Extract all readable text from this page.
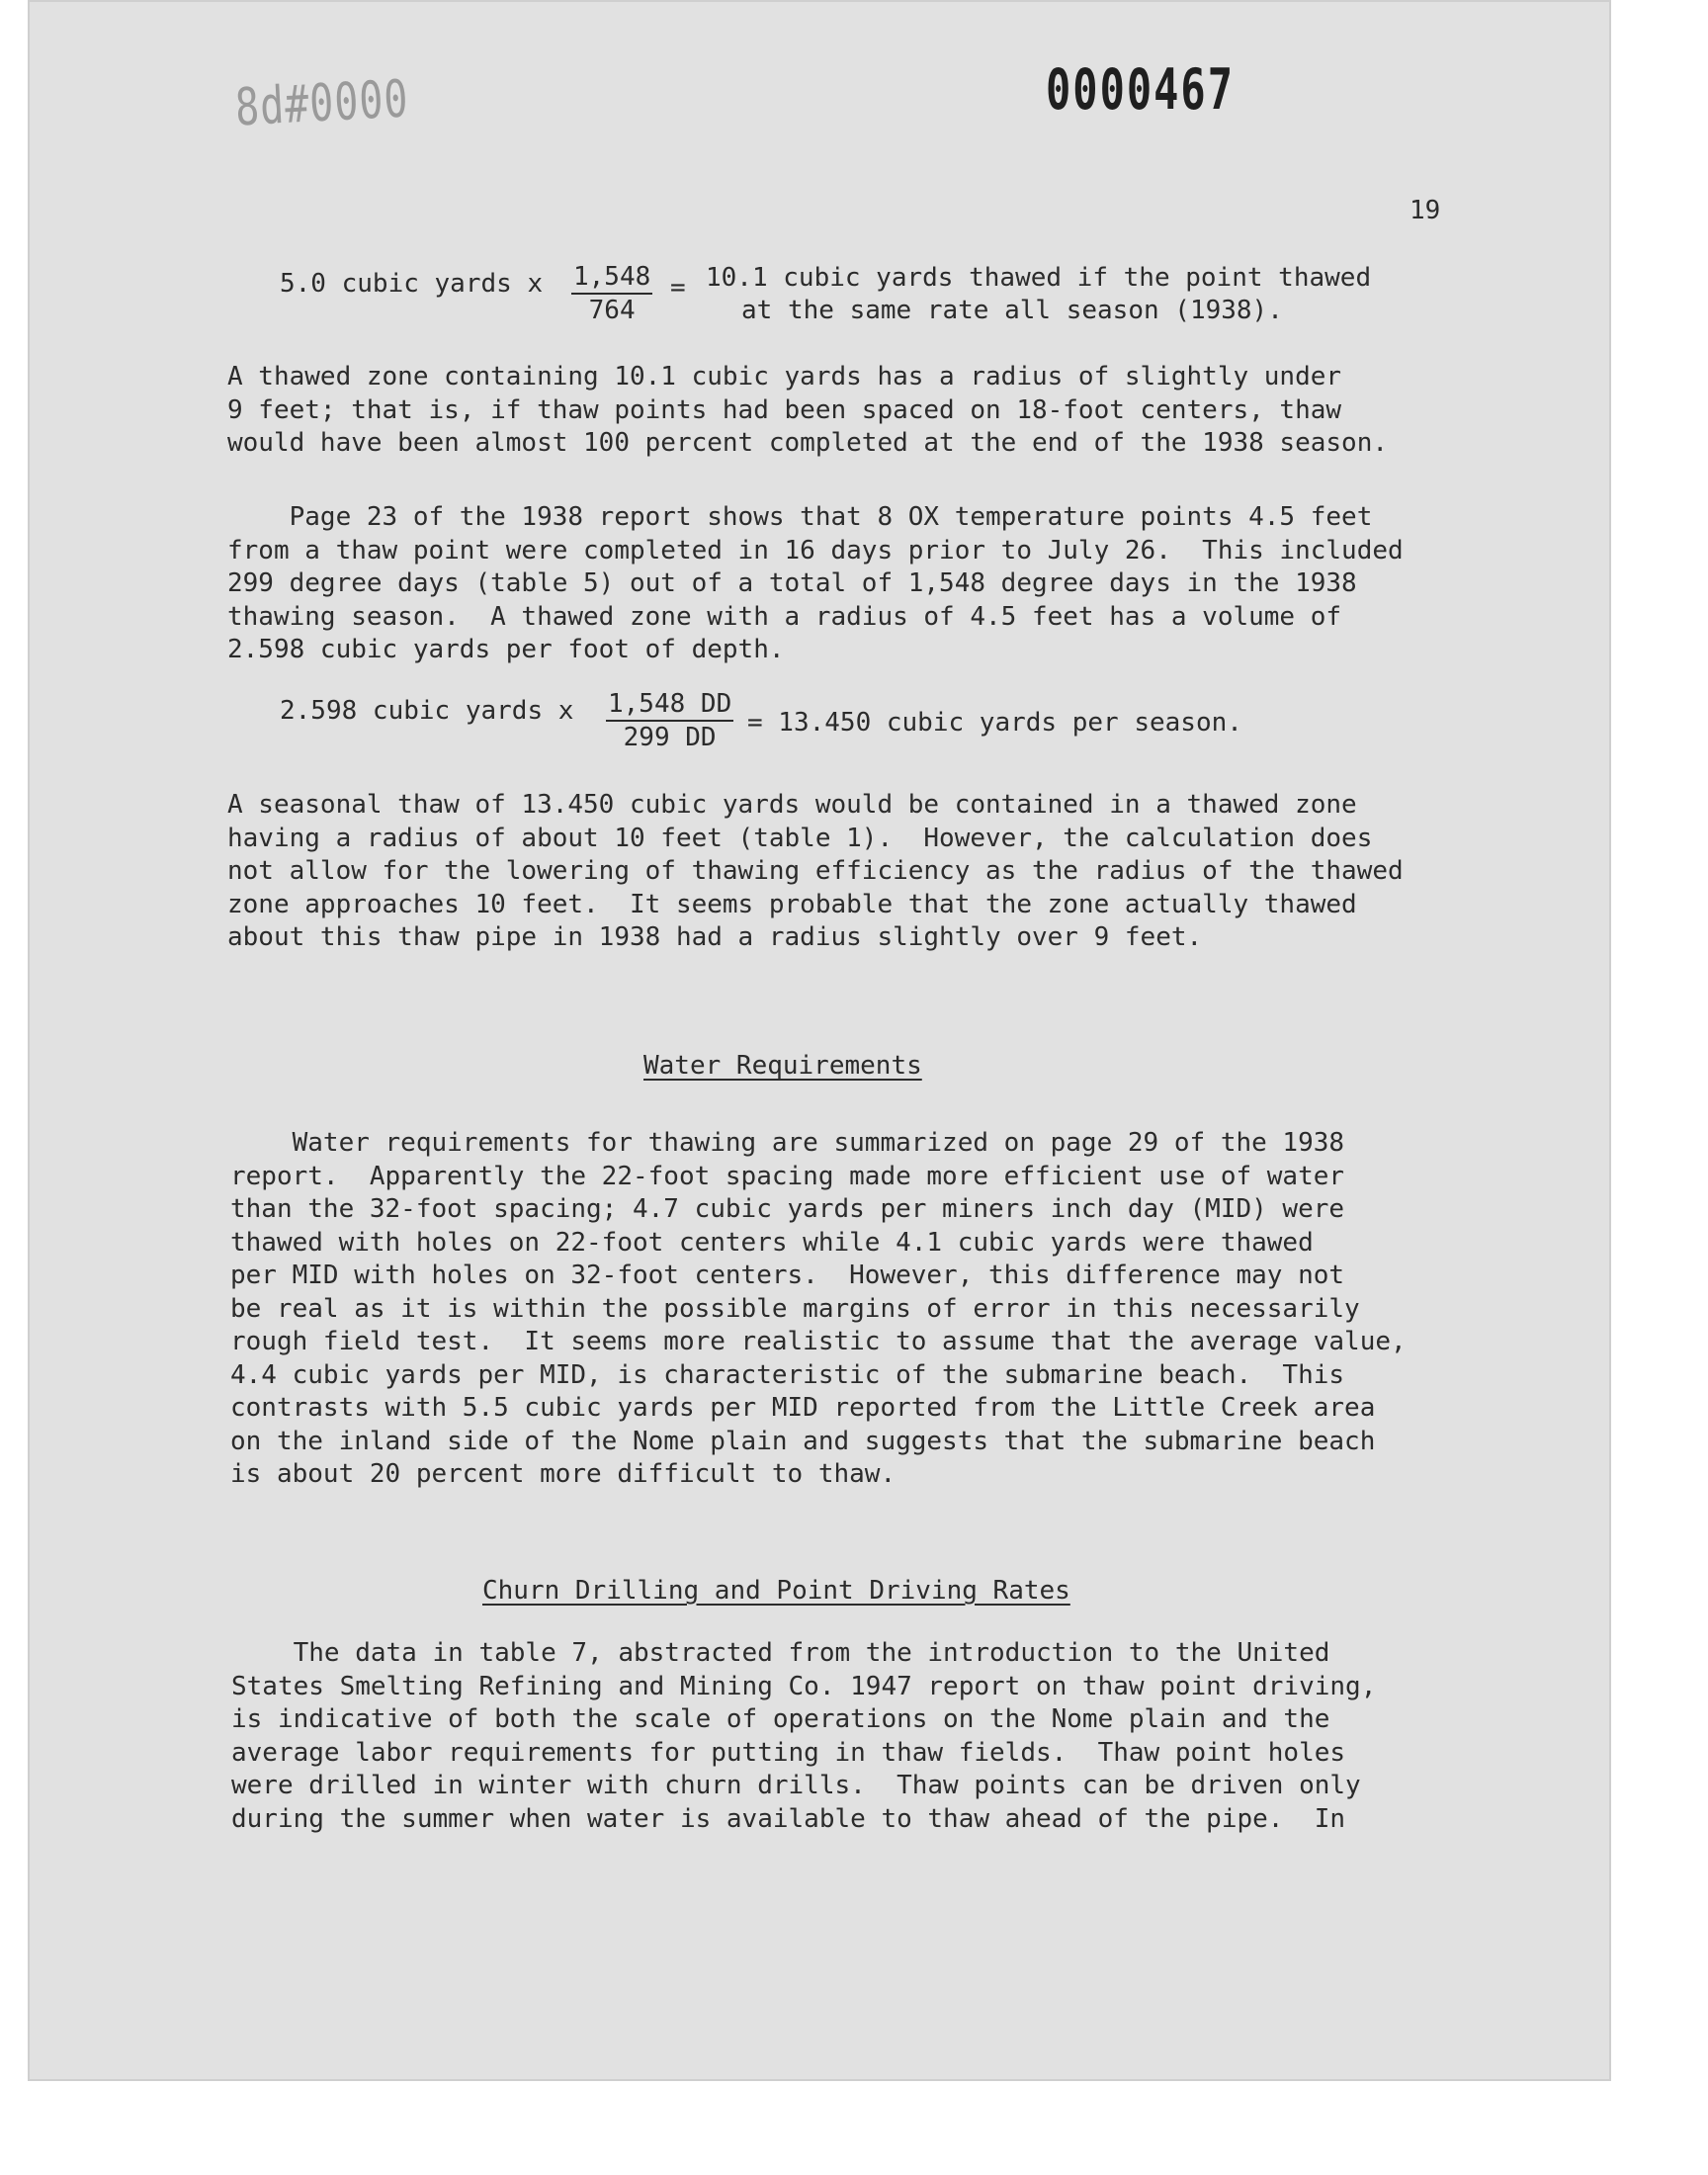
8d#0000	0000467
19
5.0 cubic yards x $\frac{1,548}{764} = 10.1$ cubic yards thawed if the point thawed
at the same rate all season (1938).
A thawed zone containing 10.1 cubic yards has a radius of slightly under
9 feet; that is, if thaw points had been spaced on 18-foot centers, thaw
would have been almost 100 percent completed at the end of the 1938 season.
Page 23 of the 1938 report shows that 8 OX temperature points 4.5 feet
from a thaw point were completed in 16 days prior to July 26.  This included
299 degree days (table 5) out of a total of 1,548 degree days in the 1938
thawing season.  A thawed zone with a radius of 4.5 feet has a volume of
2.598 cubic yards per foot of depth.
2.598 cubic yards x $\frac{1,548 DD}{299 DD} = 13.450$ cubic yards per season.
A seasonal thaw of 13.450 cubic yards would be contained in a thawed zone
having a radius of about 10 feet (table 1).  However, the calculation does
not allow for the lowering of thawing efficiency as the radius of the thawed
zone approaches 10 feet.  It seems probable that the zone actually thawed
about this thaw pipe in 1938 had a radius slightly over 9 feet.
Water Requirements
Water requirements for thawing are summarized on page 29 of the 1938
report.  Apparently the 22-foot spacing made more efficient use of water
than the 32-foot spacing; 4.7 cubic yards per miners inch day (MID) were
thawed with holes on 22-foot centers while 4.1 cubic yards were thawed
per MID with holes on 32-foot centers.  However, this difference may not
be real as it is within the possible margins of error in this necessarily
rough field test.  It seems more realistic to assume that the average value,
4.4 cubic yards per MID, is characteristic of the submarine beach.  This
contrasts with 5.5 cubic yards per MID reported from the Little Creek area
on the inland side of the Nome plain and suggests that the submarine beach
is about 20 percent more difficult to thaw.
Churn Drilling and Point Driving Rates
The data in table 7, abstracted from the introduction to the United
States Smelting Refining and Mining Co. 1947 report on thaw point driving,
is indicative of both the scale of operations on the Nome plain and the
average labor requirements for putting in thaw fields.  Thaw point holes
were drilled in winter with churn drills.  Thaw points can be driven only
during the summer when water is available to thaw ahead of the pipe.  In
